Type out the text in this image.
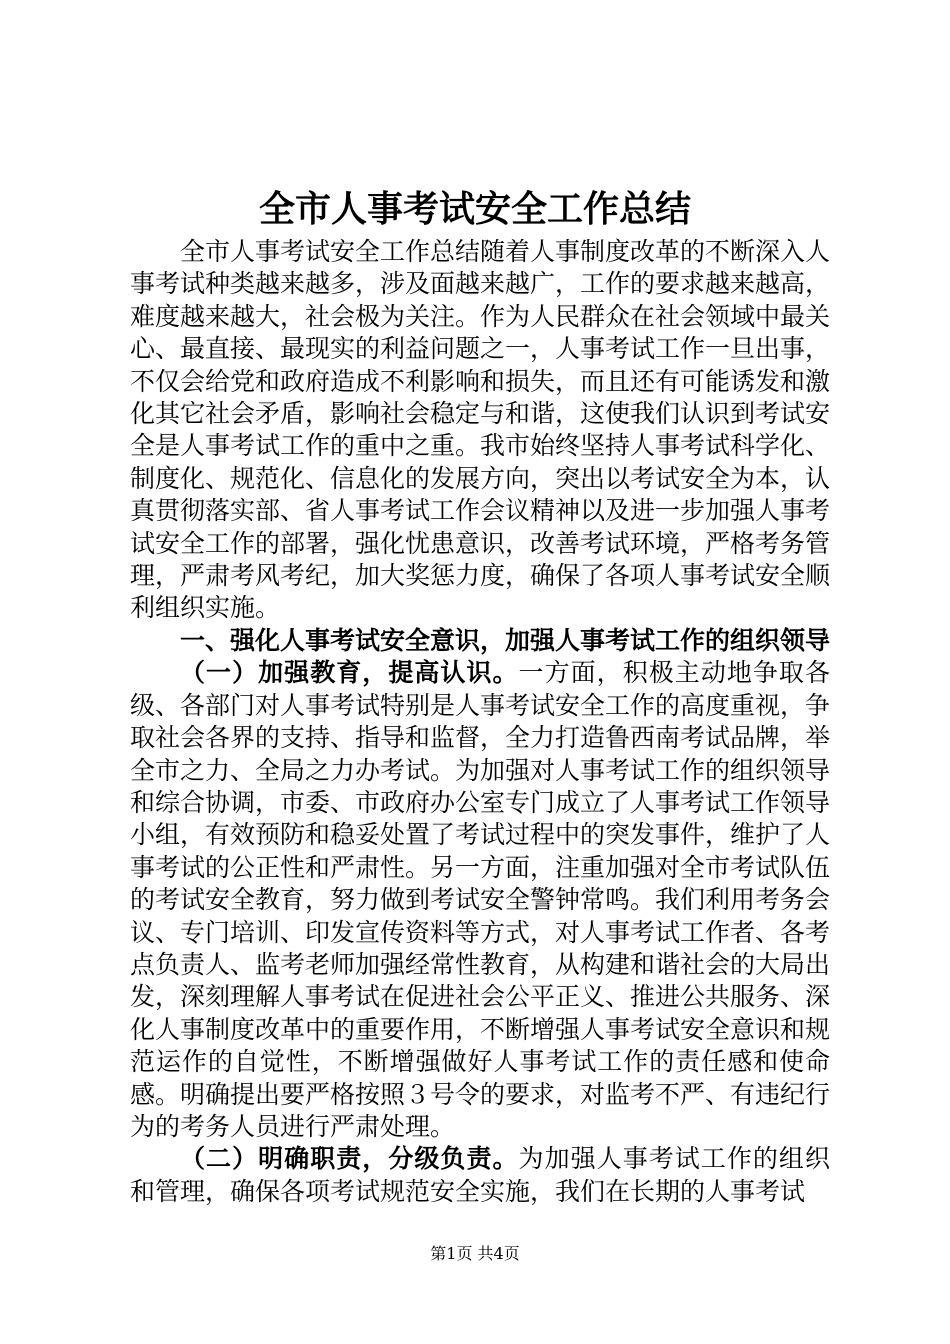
全市人事考试安全工作总结

全市人事考试安全工作总结随着人事制度改革的不断深入人事考试种类越来越多，涉及面越来越广，工作的要求越来越高，难度越来越大，社会极为关注。作为人民群众在社会领域中最关心、最直接、最现实的利益问题之一，人事考试工作一旦出事，不仅会给党和政府造成不利影响和损失，而且还有可能诱发和激化其它社会矛盾，影响社会稳定与和谐，这使我们认识到考试安全是人事考试工作的重中之重。我市始终坚持人事考试科学化、制度化、规范化、信息化的发展方向，突出以考试安全为本，认真贯彻落实部、省人事考试工作会议精神以及进一步加强人事考试安全工作的部署，强化忧患意识，改善考试环境，严格考务管理，严肃考风考纪，加大奖惩力度，确保了各项人事考试安全顺利组织实施。

一、强化人事考试安全意识，加强人事考试工作的组织领导

（一）加强教育，提高认识。一方面，积极主动地争取各级、各部门对人事考试特别是人事考试安全工作的高度重视，争取社会各界的支持、指导和监督，全力打造鲁西南考试品牌，举全市之力、全局之力办考试。为加强对人事考试工作的组织领导和综合协调，市委、市政府办公室专门成立了人事考试工作领导小组，有效预防和稳妥处置了考试过程中的突发事件，维护了人事考试的公正性和严肃性。另一方面，注重加强对全市考试队伍的考试安全教育，努力做到考试安全警钟常鸣。我们利用考务会议、专门培训、印发宣传资料等方式，对人事考试工作者、各考点负责人、监考老师加强经常性教育，从构建和谐社会的大局出发，深刻理解人事考试在促进社会公平正义、推进公共服务、深化人事制度改革中的重要作用，不断增强人事考试安全意识和规范运作的自觉性，不断增强做好人事考试工作的责任感和使命感。明确提出要严格按照３号令的要求，对监考不严、有违纪行为的考务人员进行严肃处理。

（二）明确职责，分级负责。为加强人事考试工作的组织和管理，确保各项考试规范安全实施，我们在长期的人事考试

第1页 共4页
